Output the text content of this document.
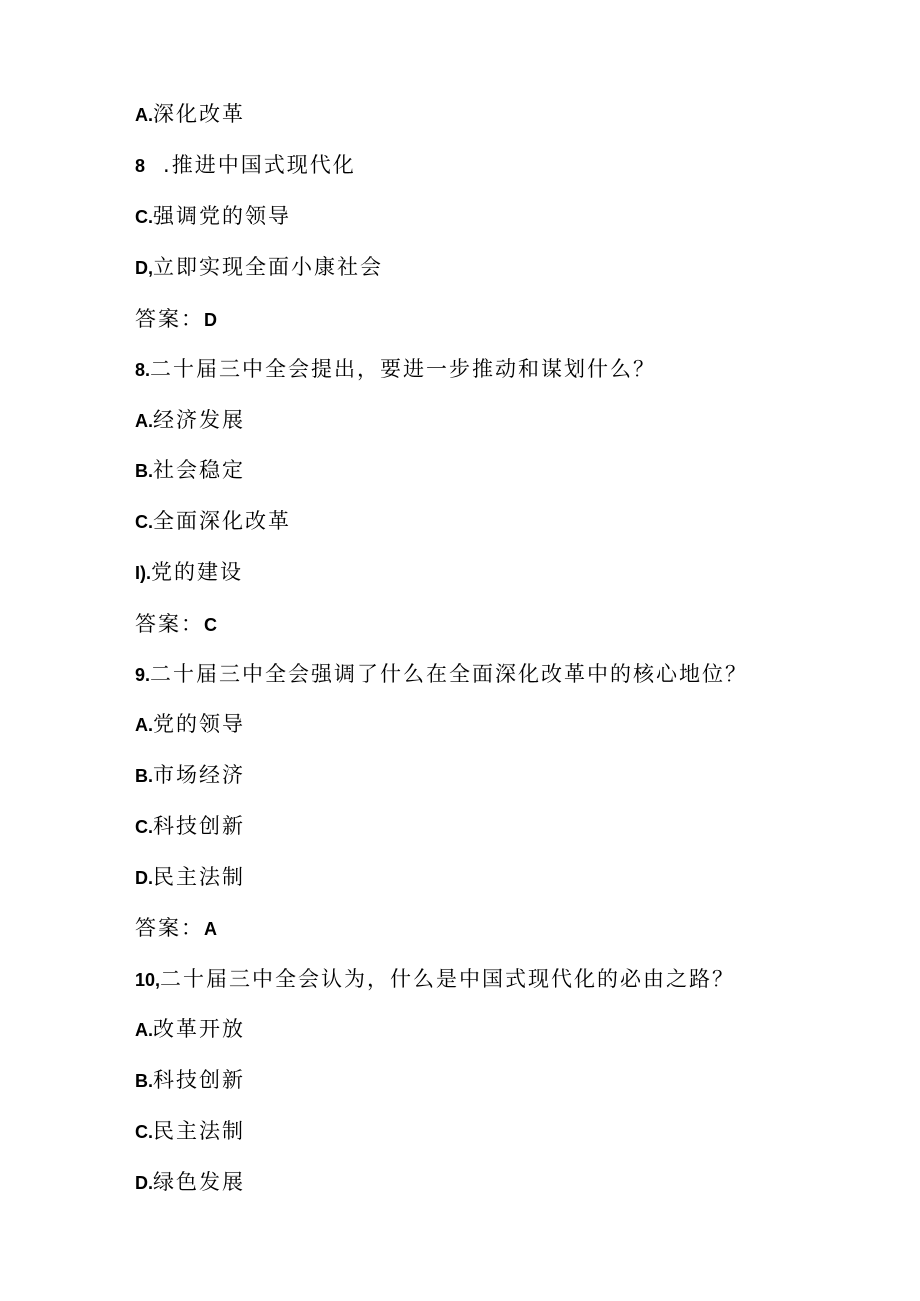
A.深化改革
8 .推进中国式现代化
C.强调党的领导
D,立即实现全面小康社会
答案：D
8.二十届三中全会提出，要进一步推动和谋划什么？
A.经济发展
B.社会稳定
C.全面深化改革
I).党的建设
答案：C
9.二十届三中全会强调了什么在全面深化改革中的核心地位？
A.党的领导
B.市场经济
C.科技创新
D.民主法制
答案：A
10,二十届三中全会认为，什么是中国式现代化的必由之路？
A.改革开放
B.科技创新
C.民主法制
D.绿色发展
